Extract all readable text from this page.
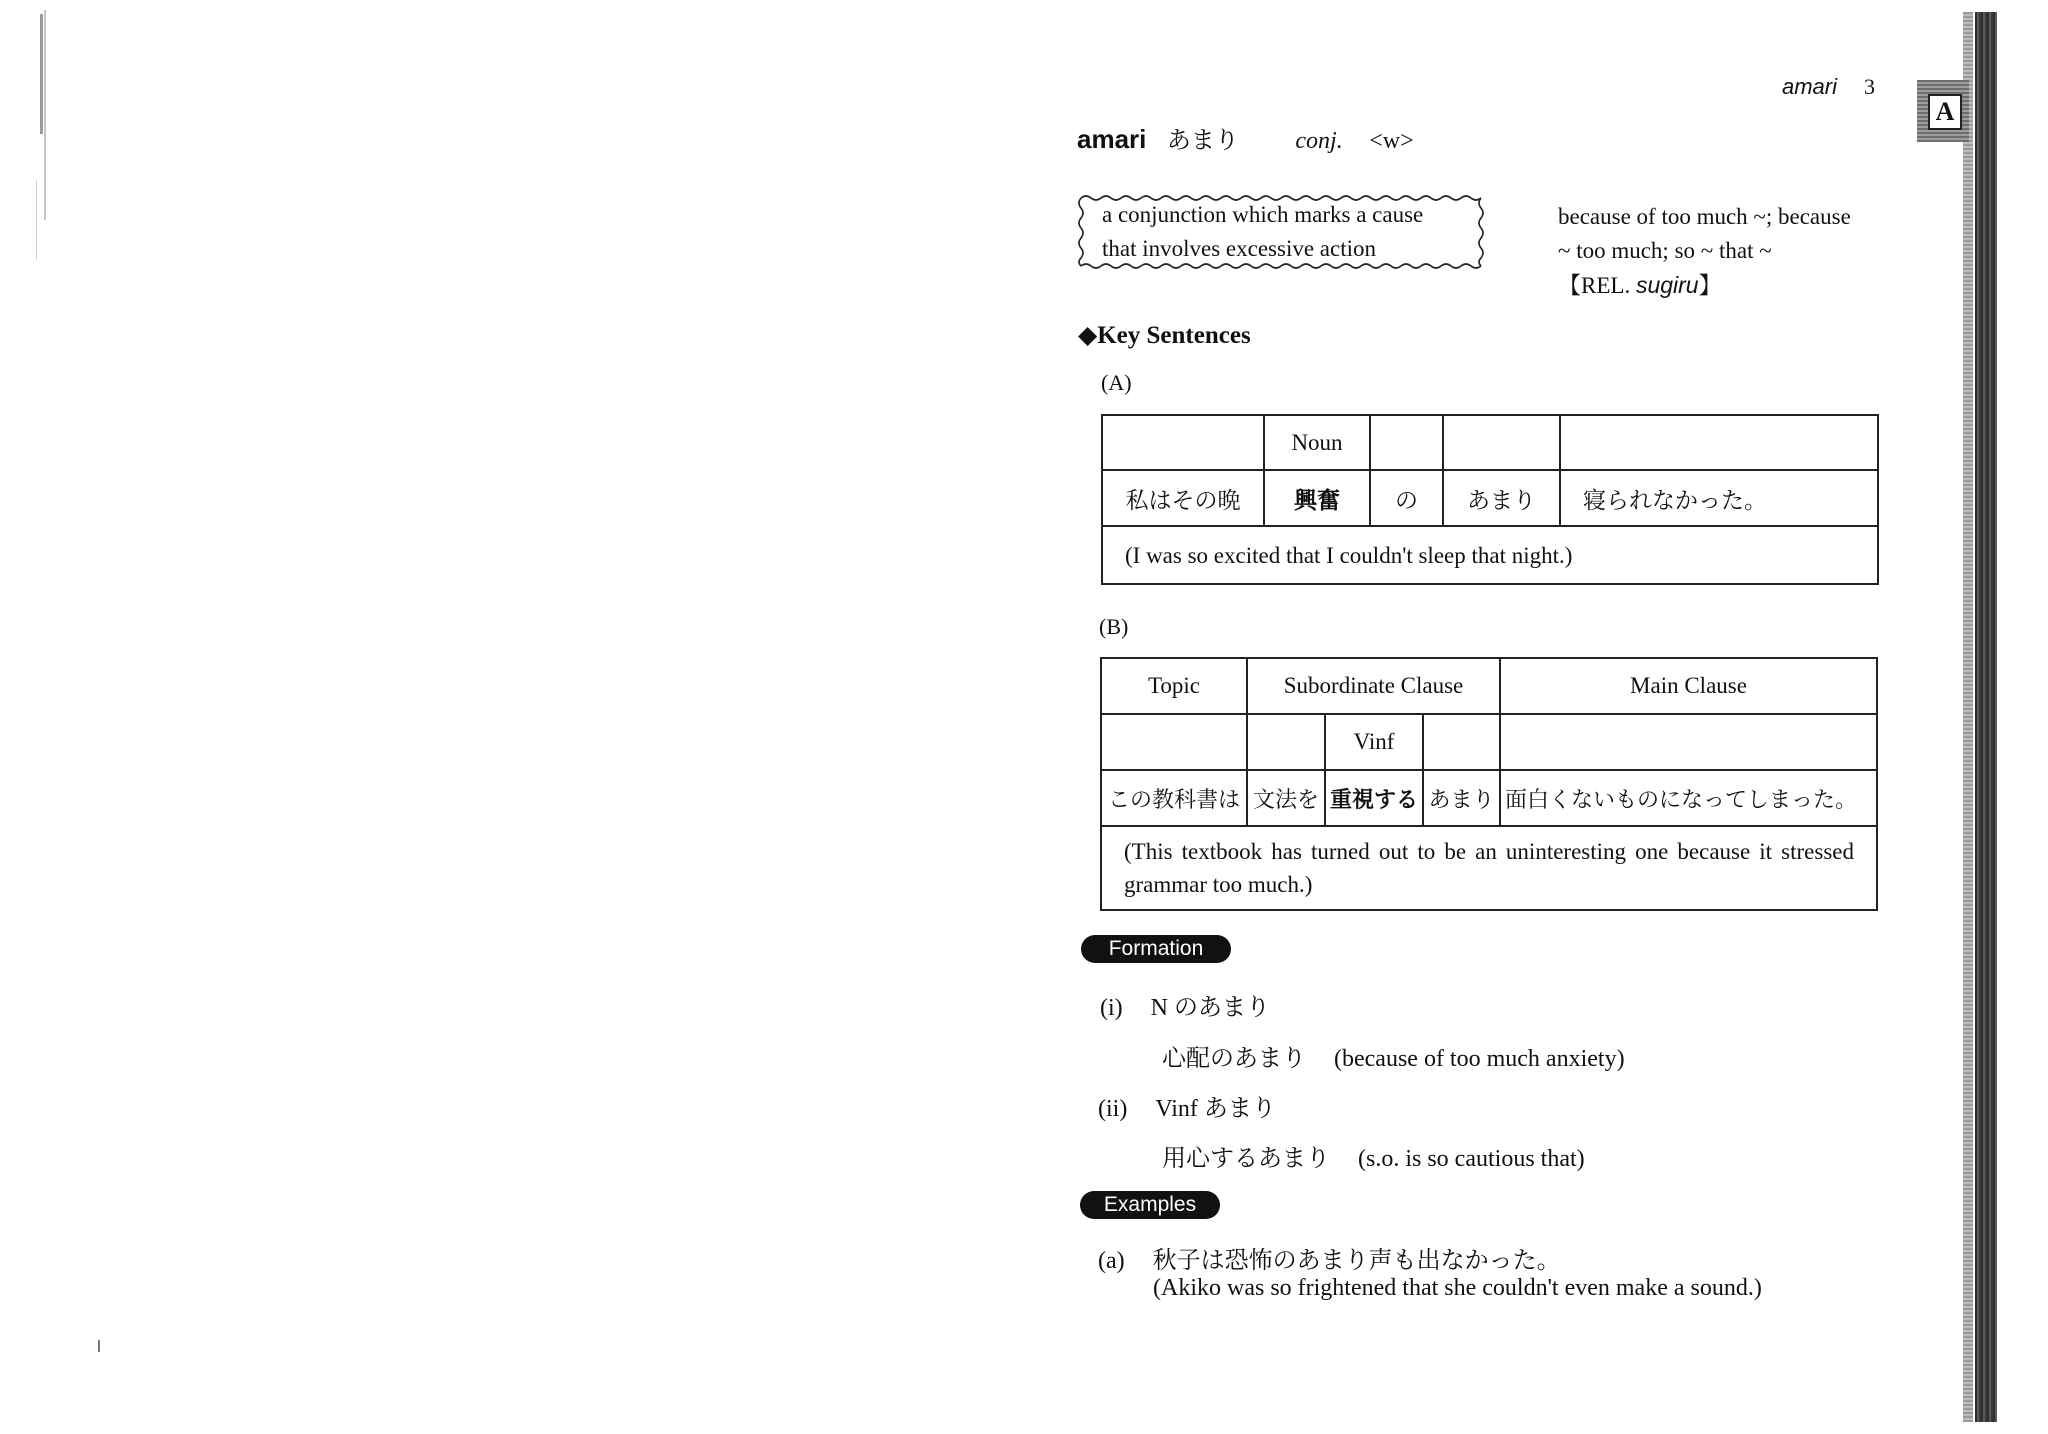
A
amari 3
amari あまり conj. <w>
a conjunction which marks a cause
that involves excessive action
because of too much ~; because
~ too much; so ~ that ~
【REL. sugiru】
◆Key Sentences
(A)
	Noun			
私はその晩	興奮	の	あまり	寝られなかった。
(I was so excited that I couldn't sleep that night.)				
(B)
Topic	Subordinate Clause			Main Clause
		Vinf		
この教科書は	文法を	重視する	あまり	面白くないものになってしまった。
(This textbook has turned out to be an uninteresting one because it stressed grammar too much.)				
Formation
(i) N のあまり
心配のあまり (because of too much anxiety)
(ii) Vinf あまり
用心するあまり (s.o. is so cautious that)
Examples
(a) 秋子は恐怖のあまり声も出なかった。
(Akiko was so frightened that she couldn't even make a sound.)
